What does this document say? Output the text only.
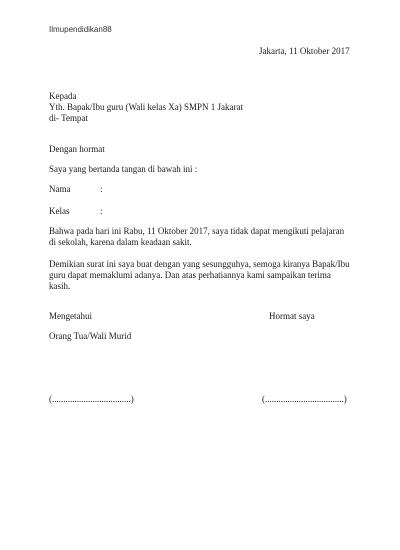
Ilmupendidikan88
Jakarta, 11 Oktober 2017
Kepada
Yth. Bapak/Ibu guru (Wali kelas Xa) SMPN 1 Jakarat
di- Tempat
Dengan hormat
Saya yang bertanda tangan di bawah ini :
Nama	:
Kelas	:
Bahwa pada hari ini Rabu, 11 Oktober 2017, saya tidak dapat mengikuti pelajaran
di sekolah, karena dalam keadaan sakit.
Demikian surat ini saya buat dengan yang sesungguhya, semoga kiranya Bapak/Ibu
guru dapat memaklumi adanya. Dan atas perhatiannya kami sampaikan terima
kasih.
Mengetahui	Hormat saya
Orang Tua/Wali Murid
(...................................)	(...................................)
